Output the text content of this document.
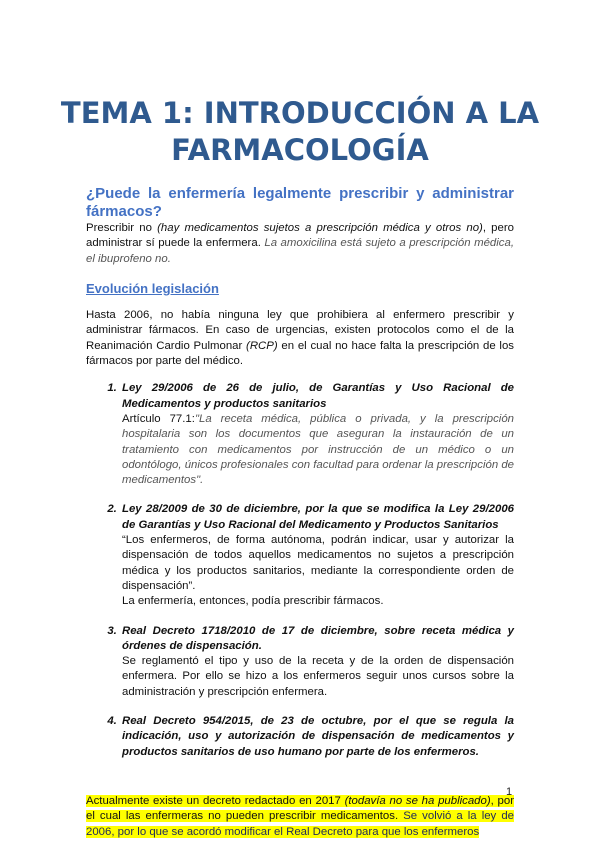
TEMA 1: INTRODUCCIÓN A LA
FARMACOLOGÍA
¿Puede la enfermería legalmente prescribir y administrar fármacos?

Prescribir no (hay medicamentos sujetos a prescripción médica y otros no), pero administrar sí puede la enfermera. La amoxicilina está sujeto a prescripción médica, el ibuprofeno no.

Evolución legislación

Hasta 2006, no había ninguna ley que prohibiera al enfermero prescribir y administrar fármacos. En caso de urgencias, existen protocolos como el de la Reanimación Cardio Pulmonar (RCP) en el cual no hace falta la prescripción de los fármacos por parte del médico.

1. Ley 29/2006 de 26 de julio, de Garantías y Uso Racional de Medicamentos y productos sanitarios
Artículo 77.1:"La receta médica, pública o privada, y la prescripción hospitalaria son los documentos que aseguran la instauración de un tratamiento con medicamentos por instrucción de un médico o un odontólogo, únicos profesionales con facultad para ordenar la prescripción de medicamentos".
2. Ley 28/2009 de 30 de diciembre, por la que se modifica la Ley 29/2006 de Garantías y Uso Racional del Medicamento y Productos Sanitarios
“Los enfermeros, de forma autónoma, podrán indicar, usar y autorizar la dispensación de todos aquellos medicamentos no sujetos a prescripción médica y los productos sanitarios, mediante la correspondiente orden de dispensación”.
La enfermería, entonces, podía prescribir fármacos.
3. Real Decreto 1718/2010 de 17 de diciembre, sobre receta médica y órdenes de dispensación.
Se reglamentó el tipo y uso de la receta y de la orden de dispensación enfermera. Por ello se hizo a los enfermeros seguir unos cursos sobre la administración y prescripción enfermera.
4. Real Decreto 954/2015, de 23 de octubre, por el que se regula la indicación, uso y autorización de dispensación de medicamentos y productos sanitarios de uso humano por parte de los enfermeros.

Actualmente existe un decreto redactado en 2017 (todavía no se ha publicado), por el cual las enfermeras no pueden prescribir medicamentos. Se volvió a la ley de 2006, por lo que se acordó modificar el Real Decreto para que los enfermeros

1
